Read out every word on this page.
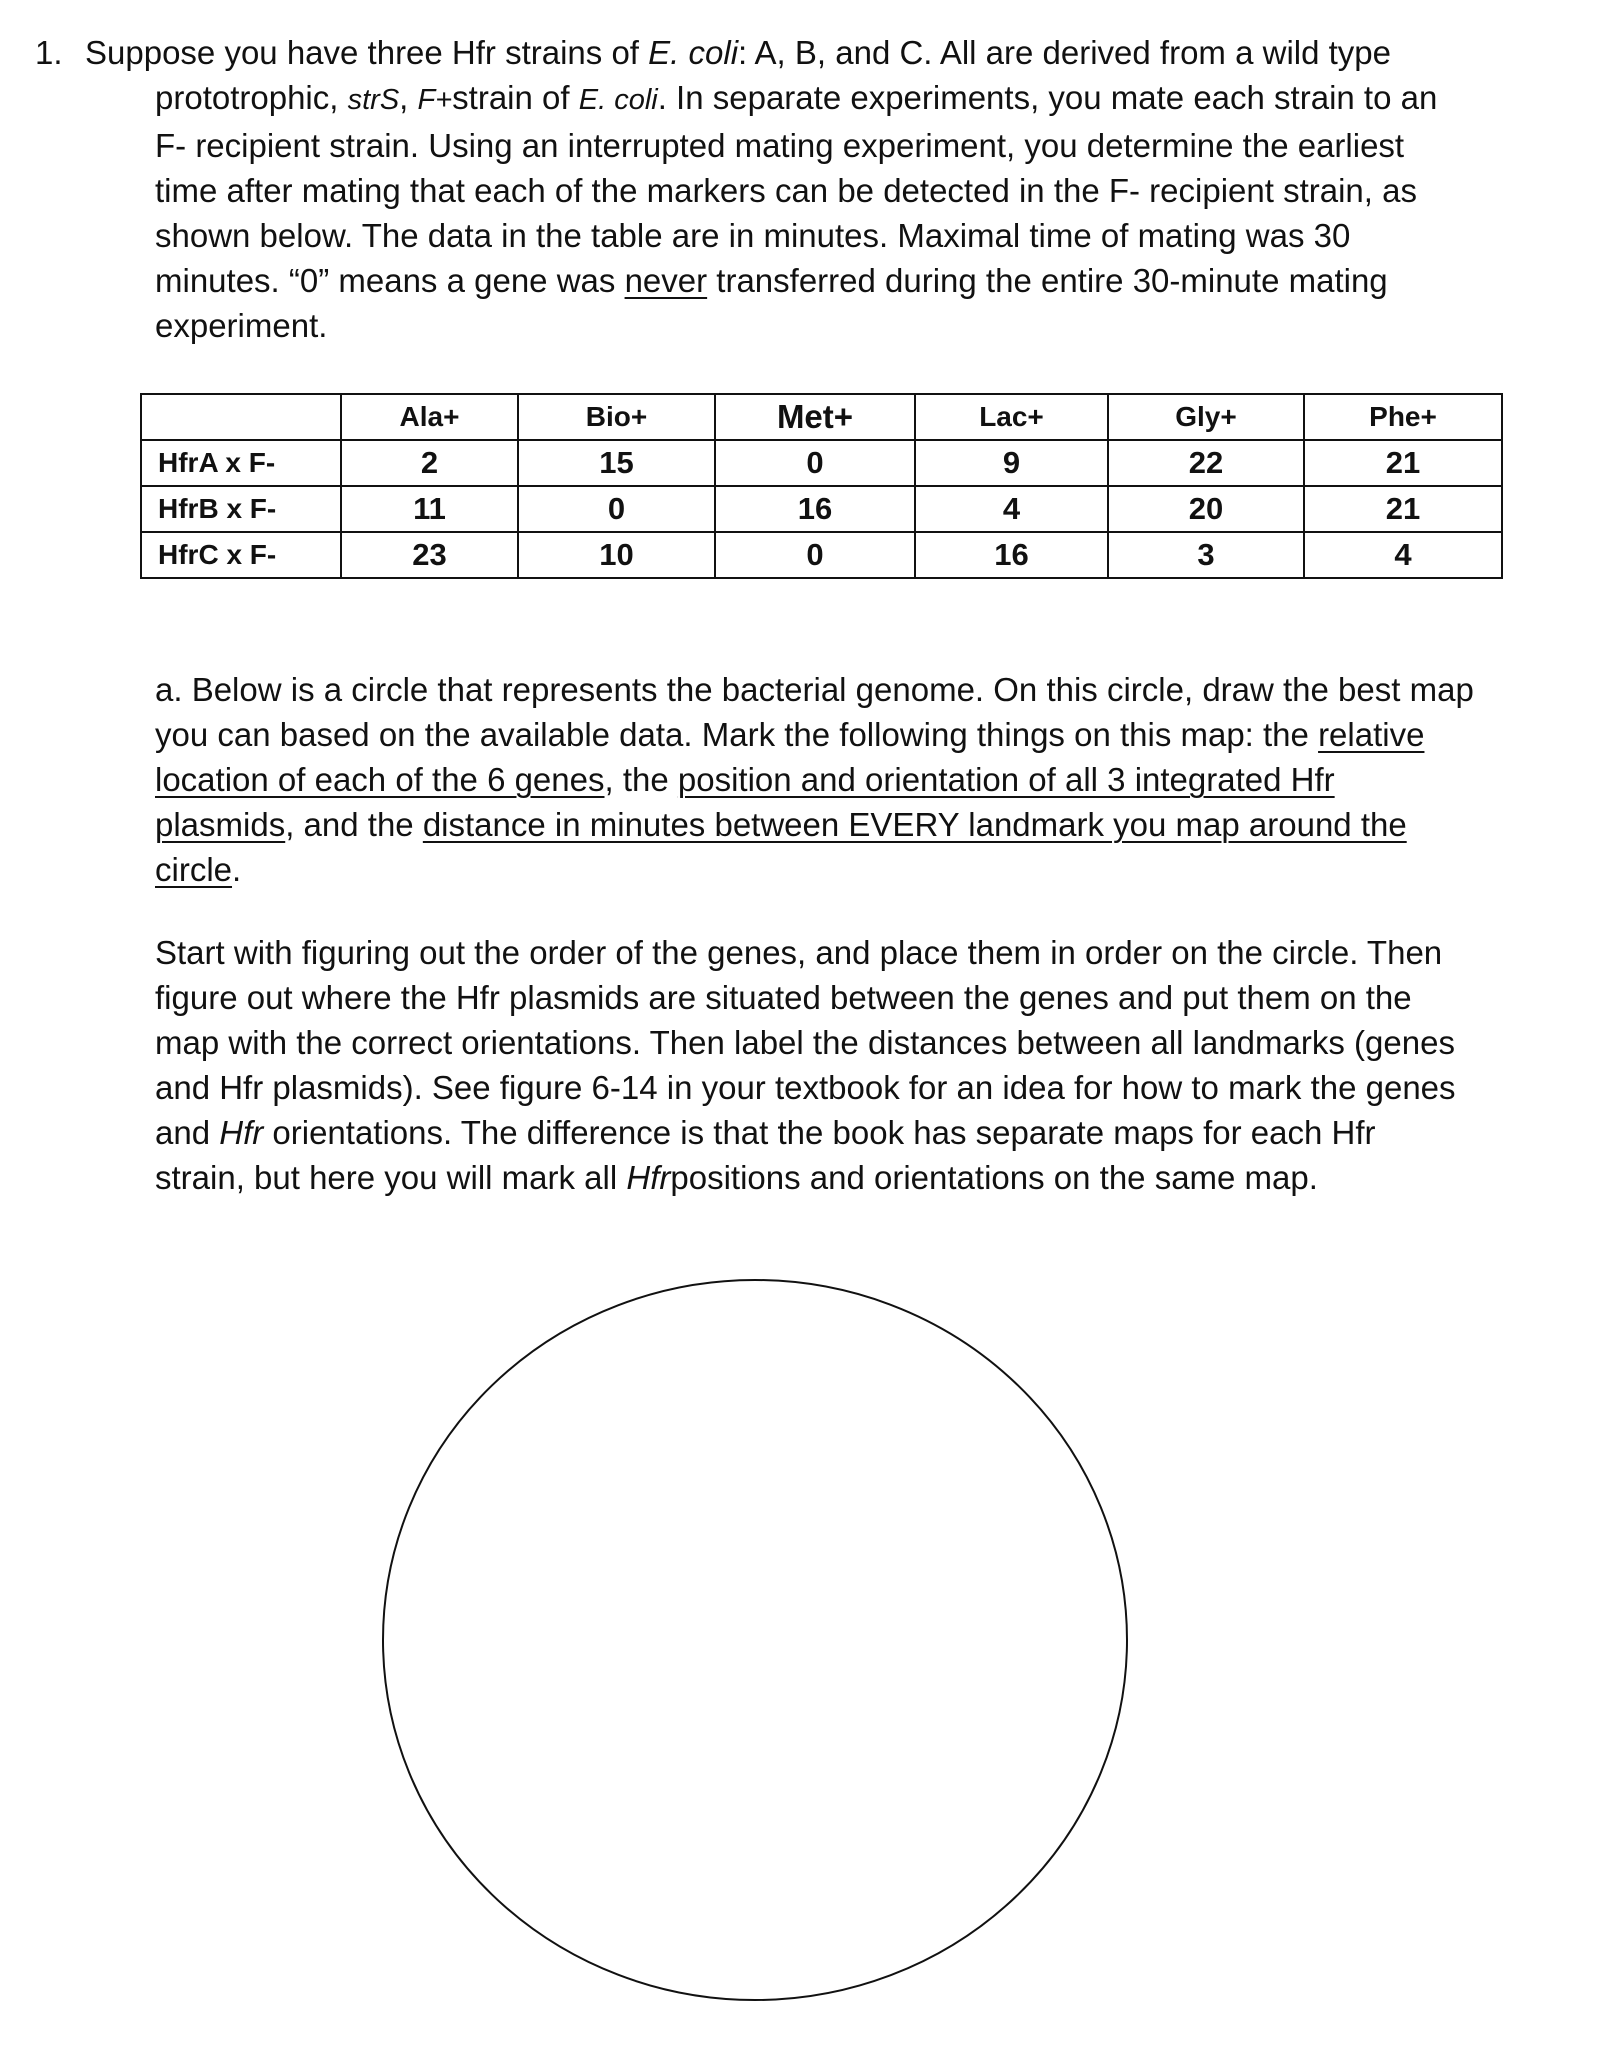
1. Suppose you have three Hfr strains of E. coli: A, B, and C. All are derived from a wild type
prototrophic, strS, F+strain of E. coli. In separate experiments, you mate each strain to an
F- recipient strain. Using an interrupted mating experiment, you determine the earliest
time after mating that each of the markers can be detected in the F- recipient strain, as
shown below. The data in the table are in minutes. Maximal time of mating was 30
minutes. “0” means a gene was never transferred during the entire 30-minute mating
experiment.
	Ala+	Bio+	Met+	Lac+	Gly+	Phe+
HfrA x F-	2	15	0	9	22	21
HfrB x F-	11	0	16	4	20	21
HfrC x F-	23	10	0	16	3	4
a. Below is a circle that represents the bacterial genome. On this circle, draw the best map
you can based on the available data. Mark the following things on this map: the relative
location of each of the 6 genes, the position and orientation of all 3 integrated Hfr
plasmids, and the distance in minutes between EVERY landmark you map around the
circle.
Start with figuring out the order of the genes, and place them in order on the circle. Then
figure out where the Hfr plasmids are situated between the genes and put them on the
map with the correct orientations. Then label the distances between all landmarks (genes
and Hfr plasmids). See figure 6-14 in your textbook for an idea for how to mark the genes
and Hfr orientations. The difference is that the book has separate maps for each Hfr
strain, but here you will mark all Hfrpositions and orientations on the same map.
